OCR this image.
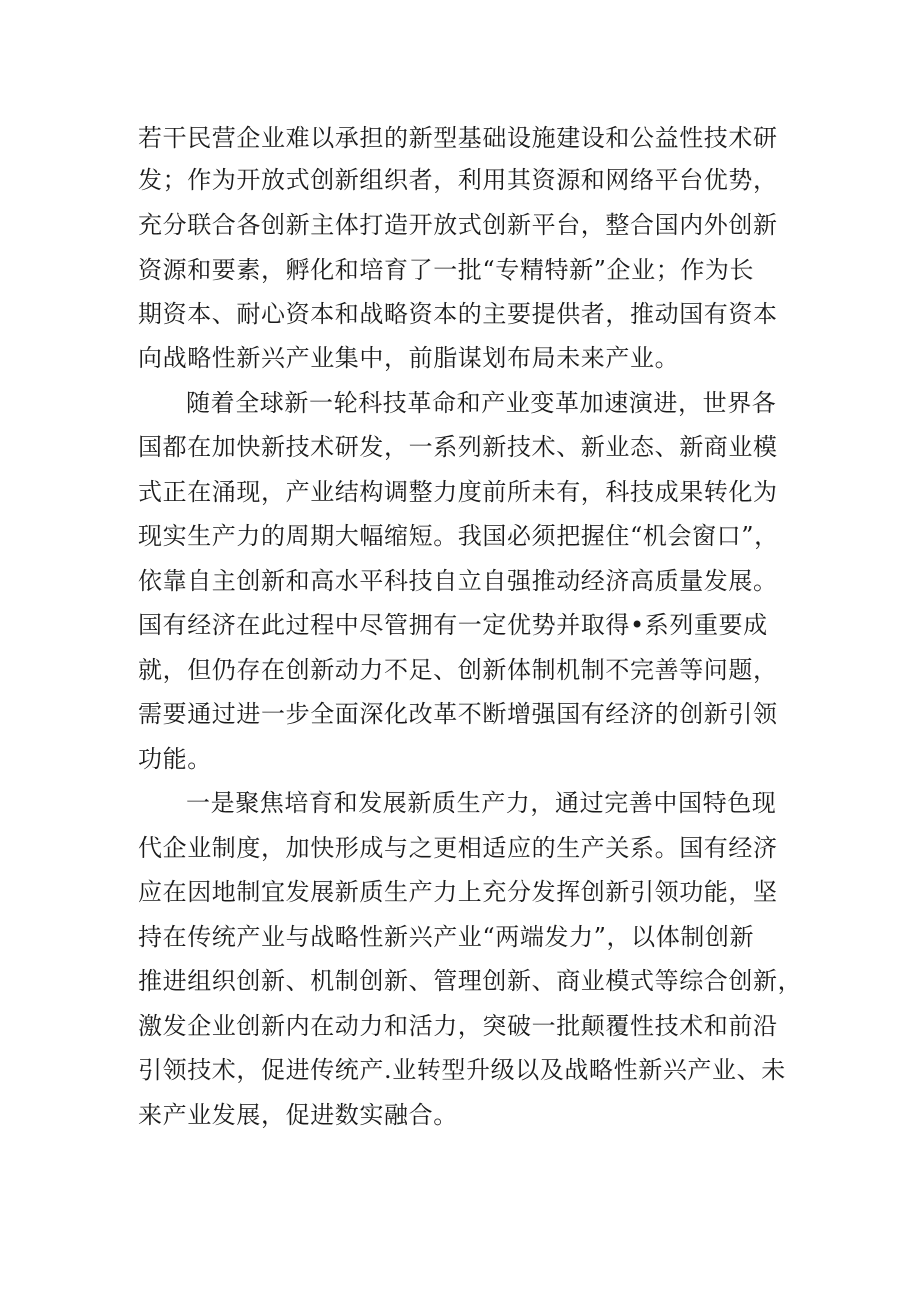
若干民营企业难以承担的新型基础设施建设和公益性技术研
发；作为开放式创新组织者，利用其资源和网络平台优势，
充分联合各创新主体打造开放式创新平台，整合国内外创新
资源和要素，孵化和培育了一批“专精特新”企业；作为长
期资本、耐心资本和战略资本的主要提供者，推动国有资本
向战略性新兴产业集中，前脂谋划布局未来产业。
随着全球新一轮科技革命和产业变革加速演进，世界各
国都在加快新技术研发，一系列新技术、新业态、新商业模
式正在涌现，产业结构调整力度前所未有，科技成果转化为
现实生产力的周期大幅缩短。我国必须把握住“机会窗口”，
依靠自主创新和高水平科技自立自强推动经济高质量发展。
国有经济在此过程中尽管拥有一定优势并取得•系列重要成
就，但仍存在创新动力不足、创新体制机制不完善等问题，
需要通过进一步全面深化改革不断增强国有经济的创新引领
功能。
一是聚焦培育和发展新质生产力，通过完善中国特色现
代企业制度，加快形成与之更相适应的生产关系。国有经济
应在因地制宜发展新质生产力上充分发挥创新引领功能，坚
持在传统产业与战略性新兴产业“两端发力”，以体制创新
推进组织创新、机制创新、管理创新、商业模式等综合创新，
激发企业创新内在动力和活力，突破一批颠覆性技术和前沿
引领技术，促进传统产.业转型升级以及战略性新兴产业、未
来产业发展，促进数实融合。
